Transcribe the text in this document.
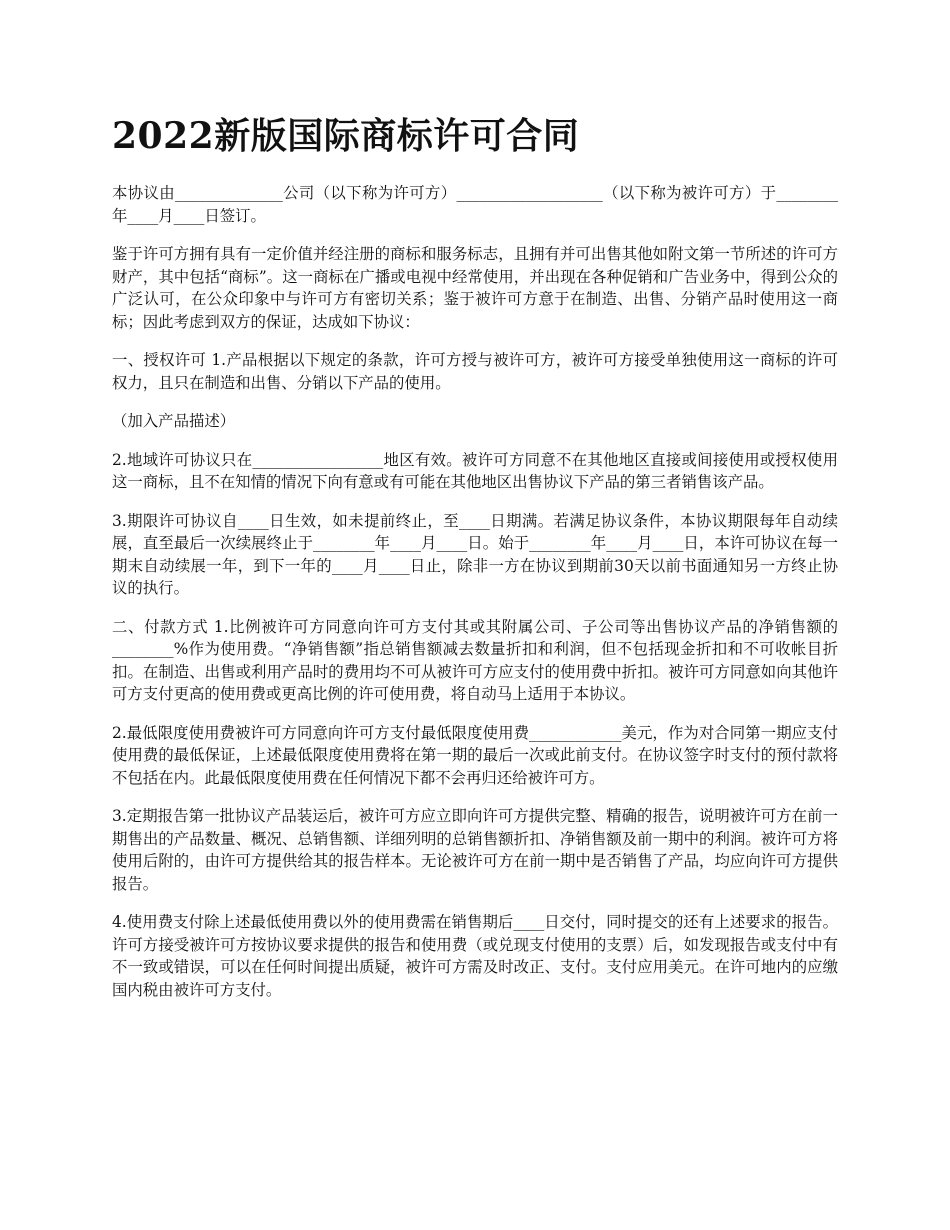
2022新版国际商标许可合同

本协议由______________公司（以下称为许可方）___________________（以下称为被许可方）于________年____月____日签订。

鉴于许可方拥有具有一定价值并经注册的商标和服务标志，且拥有并可出售其他如附文第一节所述的许可方财产，其中包括“商标”。这一商标在广播或电视中经常使用，并出现在各种促销和广告业务中，得到公众的广泛认可，在公众印象中与许可方有密切关系；鉴于被许可方意于在制造、出售、分销产品时使用这一商标；因此考虑到双方的保证，达成如下协议：

一、授权许可 1.产品根据以下规定的条款，许可方授与被许可方，被许可方接受单独使用这一商标的许可权力，且只在制造和出售、分销以下产品的使用。

（加入产品描述）

2.地域许可协议只在_________________地区有效。被许可方同意不在其他地区直接或间接使用或授权使用这一商标，且不在知情的情况下向有意或有可能在其他地区出售协议下产品的第三者销售该产品。

3.期限许可协议自____日生效，如未提前终止，至____日期满。若满足协议条件，本协议期限每年自动续展，直至最后一次续展终止于________年____月____日。始于________年____月____日，本许可协议在每一期末自动续展一年，到下一年的____月____日止，除非一方在协议到期前30天以前书面通知另一方终止协议的执行。

二、付款方式 1.比例被许可方同意向许可方支付其或其附属公司、子公司等出售协议产品的净销售额的________%作为使用费。“净销售额”指总销售额减去数量折扣和利润，但不包括现金折扣和不可收帐目折扣。在制造、出售或利用产品时的费用均不可从被许可方应支付的使用费中折扣。被许可方同意如向其他许可方支付更高的使用费或更高比例的许可使用费，将自动马上适用于本协议。

2.最低限度使用费被许可方同意向许可方支付最低限度使用费____________美元，作为对合同第一期应支付使用费的最低保证，上述最低限度使用费将在第一期的最后一次或此前支付。在协议签字时支付的预付款将不包括在内。此最低限度使用费在任何情况下都不会再归还给被许可方。

3.定期报告第一批协议产品装运后，被许可方应立即向许可方提供完整、精确的报告，说明被许可方在前一期售出的产品数量、概况、总销售额、详细列明的总销售额折扣、净销售额及前一期中的利润。被许可方将使用后附的，由许可方提供给其的报告样本。无论被许可方在前一期中是否销售了产品，均应向许可方提供报告。

4.使用费支付除上述最低使用费以外的使用费需在销售期后____日交付，同时提交的还有上述要求的报告。许可方接受被许可方按协议要求提供的报告和使用费（或兑现支付使用的支票）后，如发现报告或支付中有不一致或错误，可以在任何时间提出质疑，被许可方需及时改正、支付。支付应用美元。在许可地内的应缴国内税由被许可方支付。
